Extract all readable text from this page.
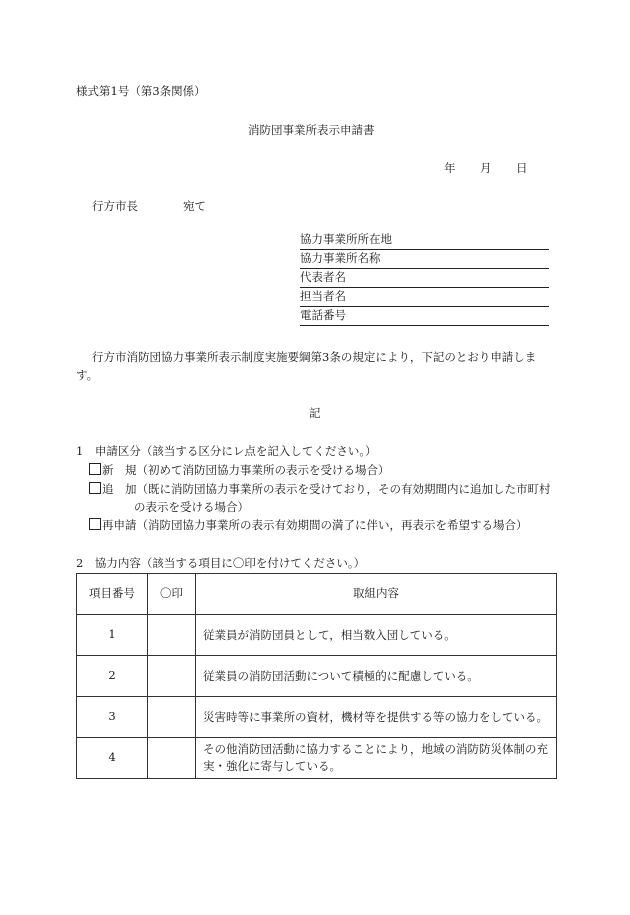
様式第1号（第3条関係）
消防団事業所表示申請書
年 月 日
行方市長	宛て
協力事業所所在地
協力事業所名称
代表者名
担当者名
電話番号
行方市消防団協力事業所表示制度実施要綱第3条の規定により，下記のとおり申請しま
す。
記
1　申請区分（該当する区分にレ点を記入してください。）
新　規（初めて消防団協力事業所の表示を受ける場合）
追　加（既に消防団協力事業所の表示を受けており，その有効期間内に追加した市町村
の表示を受ける場合）
再申請（消防団協力事業所の表示有効期間の満了に伴い，再表示を希望する場合）
2　協力内容（該当する項目に〇印を付けてください。）
項目番号	〇印	取組内容
1		従業員が消防団員として，相当数入団している。
2		従業員の消防団活動について積極的に配慮している。
3		災害時等に事業所の資材，機材等を提供する等の協力をしている。
4		その他消防団活動に協力することにより，地域の消防防災体制の充実・強化に寄与している。
